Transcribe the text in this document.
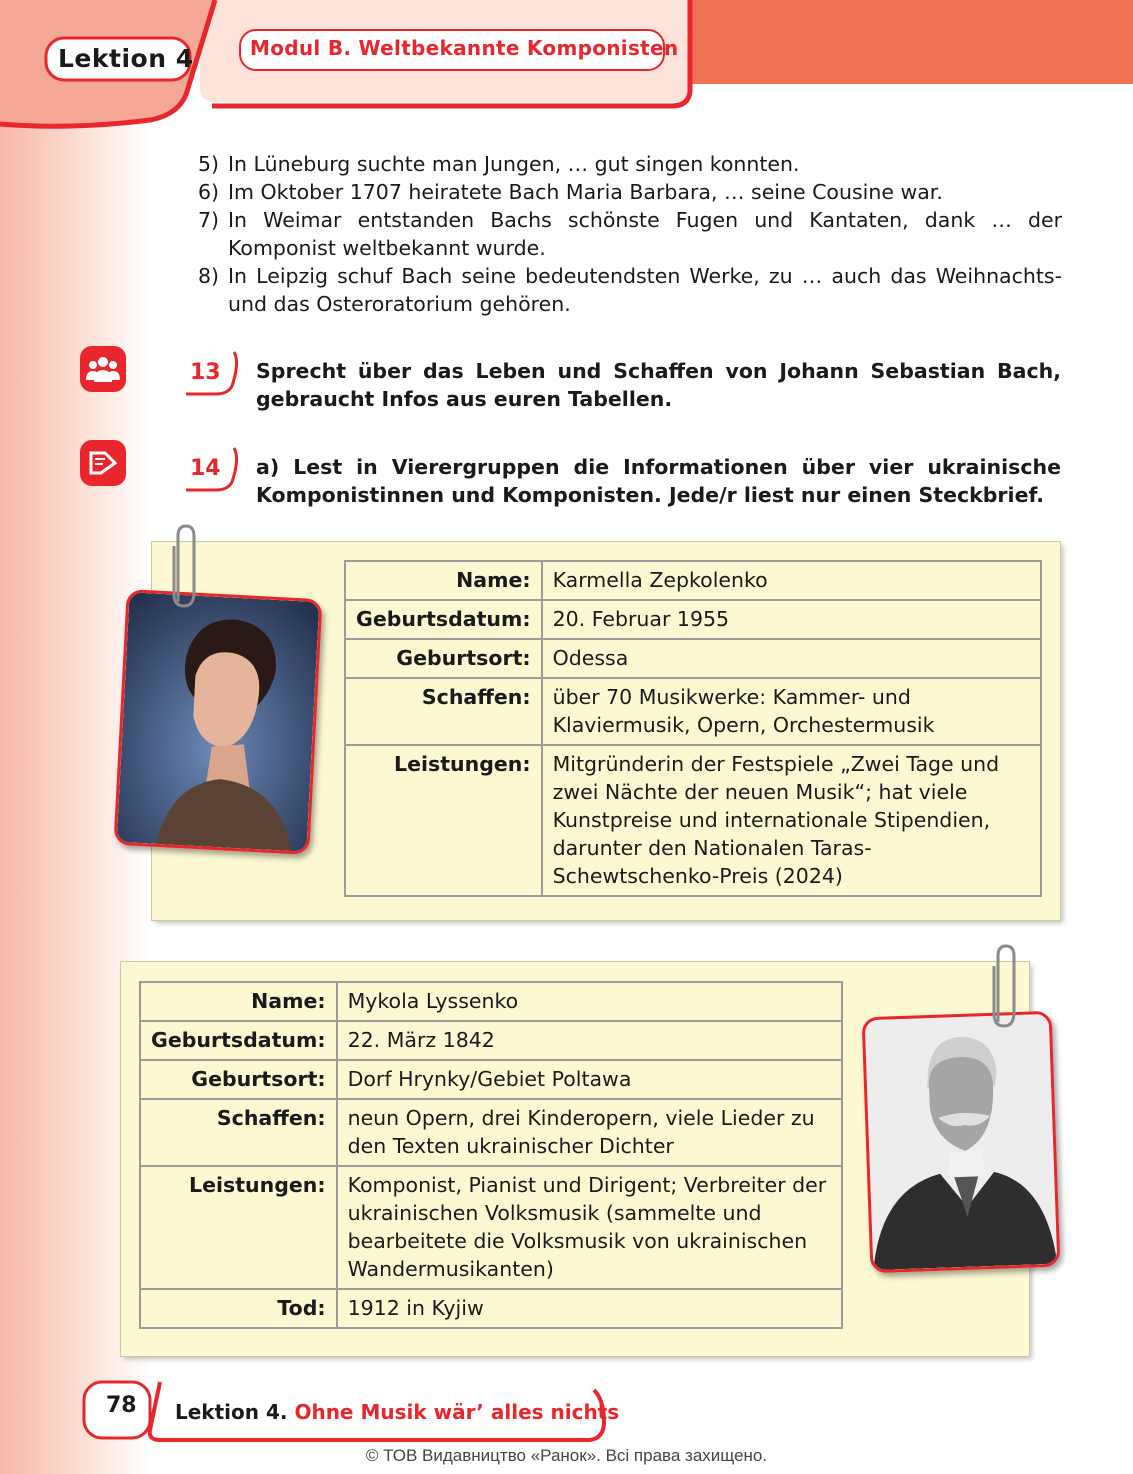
Lektion 4	Modul B. Weltbekannte Komponisten
5) In Lüneburg suchte man Jungen, … gut singen konnten.
6) Im Oktober 1707 heiratete Bach Maria Barbara, … seine Cousine war.
7) In Weimar entstanden Bachs schönste Fugen und Kantaten, dank … der Komponist weltbekannt wurde.
8) In Leipzig schuf Bach seine bedeutendsten Werke, zu … auch das Weihnachts- und das Osteroratorium gehören.
13 Sprecht über das Leben und Schaffen von Johann Sebastian Bach, gebraucht Infos aus euren Tabellen.
14 a) Lest in Vierergruppen die Informationen über vier ukrainische Komponistinnen und Komponisten. Jede/r liest nur einen Steckbrief.
Name:	Karmella Zepkolenko
Geburtsdatum:	20. Februar 1955
Geburtsort:	Odessa
Schaffen:	über 70 Musikwerke: Kammer- und Klaviermusik, Opern, Orchestermusik
Leistungen:	Mitgründerin der Festspiele „Zwei Tage und zwei Nächte der neuen Musik“; hat viele Kunstpreise und internationale Stipendien, darunter den Nationalen Taras-Schewtschenko-Preis (2024)
Name:	Mykola Lyssenko
Geburtsdatum:	22. März 1842
Geburtsort:	Dorf Hrynky/Gebiet Poltawa
Schaffen:	neun Opern, drei Kinderopern, viele Lieder zu den Texten ukrainischer Dichter
Leistungen:	Komponist, Pianist und Dirigent; Verbreiter der ukrainischen Volksmusik (sammelte und bearbeitete die Volksmusik von ukrainischen Wandermusikanten)
Tod:	1912 in Kyjiw
78 Lektion 4. Ohne Musik wär’ alles nichts
© ТОВ Видавництво «Ранок». Всі права захищено.
